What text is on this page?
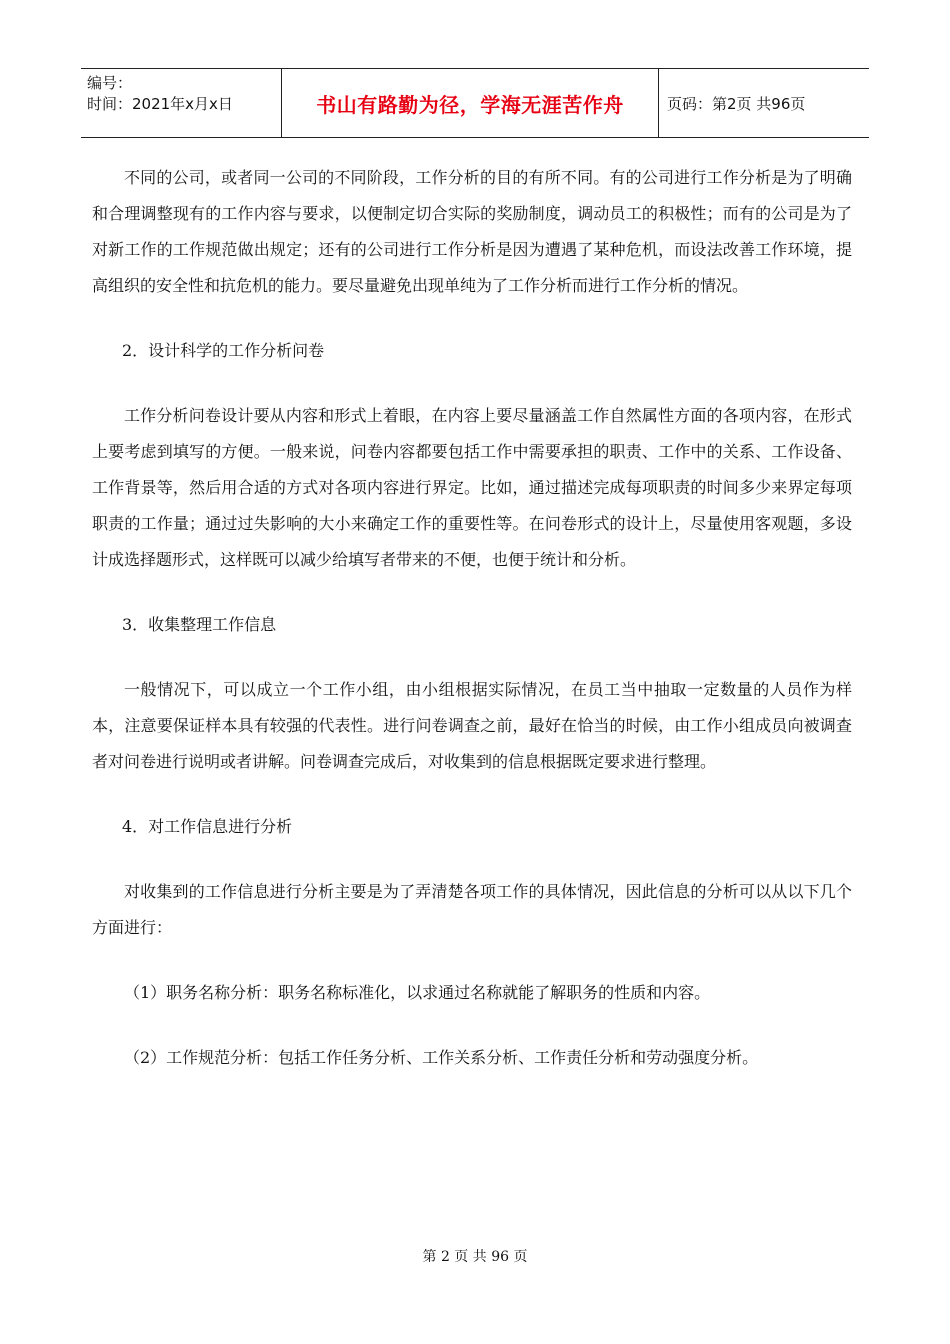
编号：
时间：2021年x月x日	书山有路勤为径，学海无涯苦作舟	页码：第2页 共96页

不同的公司，或者同一公司的不同阶段，工作分析的目的有所不同。有的公司进行工作分析是为了明确和合理调整现有的工作内容与要求，以便制定切合实际的奖励制度，调动员工的积极性；而有的公司是为了对新工作的工作规范做出规定；还有的公司进行工作分析是因为遭遇了某种危机，而设法改善工作环境，提高组织的安全性和抗危机的能力。要尽量避免出现单纯为了工作分析而进行工作分析的情况。

2．设计科学的工作分析问卷

工作分析问卷设计要从内容和形式上着眼，在内容上要尽量涵盖工作自然属性方面的各项内容，在形式上要考虑到填写的方便。一般来说，问卷内容都要包括工作中需要承担的职责、工作中的关系、工作设备、工作背景等，然后用合适的方式对各项内容进行界定。比如，通过描述完成每项职责的时间多少来界定每项职责的工作量；通过过失影响的大小来确定工作的重要性等。在问卷形式的设计上，尽量使用客观题，多设计成选择题形式，这样既可以减少给填写者带来的不便，也便于统计和分析。

3．收集整理工作信息

一般情况下，可以成立一个工作小组，由小组根据实际情况，在员工当中抽取一定数量的人员作为样本，注意要保证样本具有较强的代表性。进行问卷调查之前，最好在恰当的时候，由工作小组成员向被调查者对问卷进行说明或者讲解。问卷调查完成后，对收集到的信息根据既定要求进行整理。

4．对工作信息进行分析

对收集到的工作信息进行分析主要是为了弄清楚各项工作的具体情况，因此信息的分析可以从以下几个方面进行：

（1）职务名称分析：职务名称标准化，以求通过名称就能了解职务的性质和内容。

（2）工作规范分析：包括工作任务分析、工作关系分析、工作责任分析和劳动强度分析。

第 2 页 共 96 页
